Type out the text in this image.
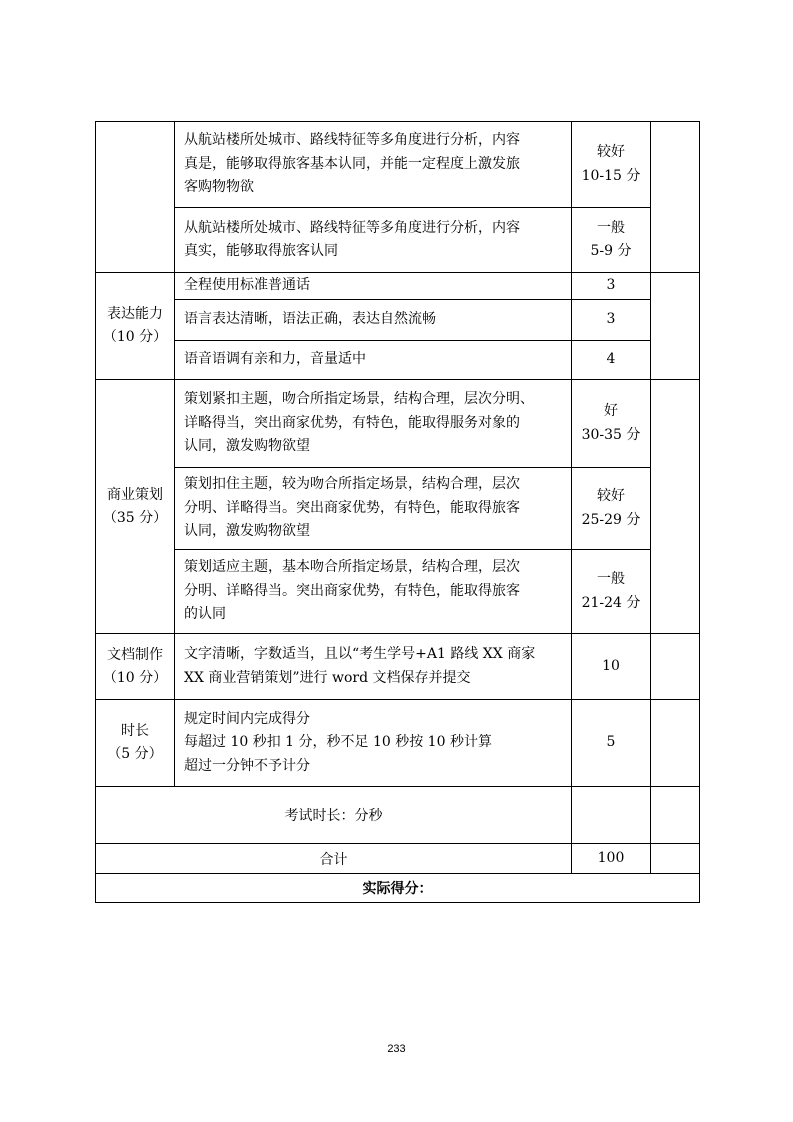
	从航站楼所处城市、路线特征等多角度进行分析，内容
真是，能够取得旅客基本认同，并能一定程度上激发旅
客购物物欲	较好
10-15 分	

	从航站楼所处城市、路线特征等多角度进行分析，内容
真实，能够取得旅客认同	一般
5-9 分	

表达能力
（10 分）	全程使用标准普通话	3	

	语言表达清晰，语法正确，表达自然流畅	3	

	语音语调有亲和力，音量适中	4	

商业策划
（35 分）	策划紧扣主题，吻合所指定场景，结构合理，层次分明、
详略得当，突出商家优势，有特色，能取得服务对象的
认同，激发购物欲望	好
30-35 分	

	策划扣住主题，较为吻合所指定场景，结构合理，层次
分明、详略得当。突出商家优势，有特色，能取得旅客
认同，激发购物欲望	较好
25-29 分	

	策划适应主题，基本吻合所指定场景，结构合理，层次
分明、详略得当。突出商家优势，有特色，能取得旅客
的认同	一般
21-24 分	

文档制作
（10 分）	文字清晰，字数适当，且以“考生学号+A1 路线 XX 商家
XX 商业营销策划”进行 word 文档保存并提交	10	

时长
（5 分）	规定时间内完成得分
每超过 10 秒扣 1 分，秒不足 10 秒按 10 秒计算
超过一分钟不予计分	5	

考试时长：分秒			
合计		100	
实际得分：			
233
